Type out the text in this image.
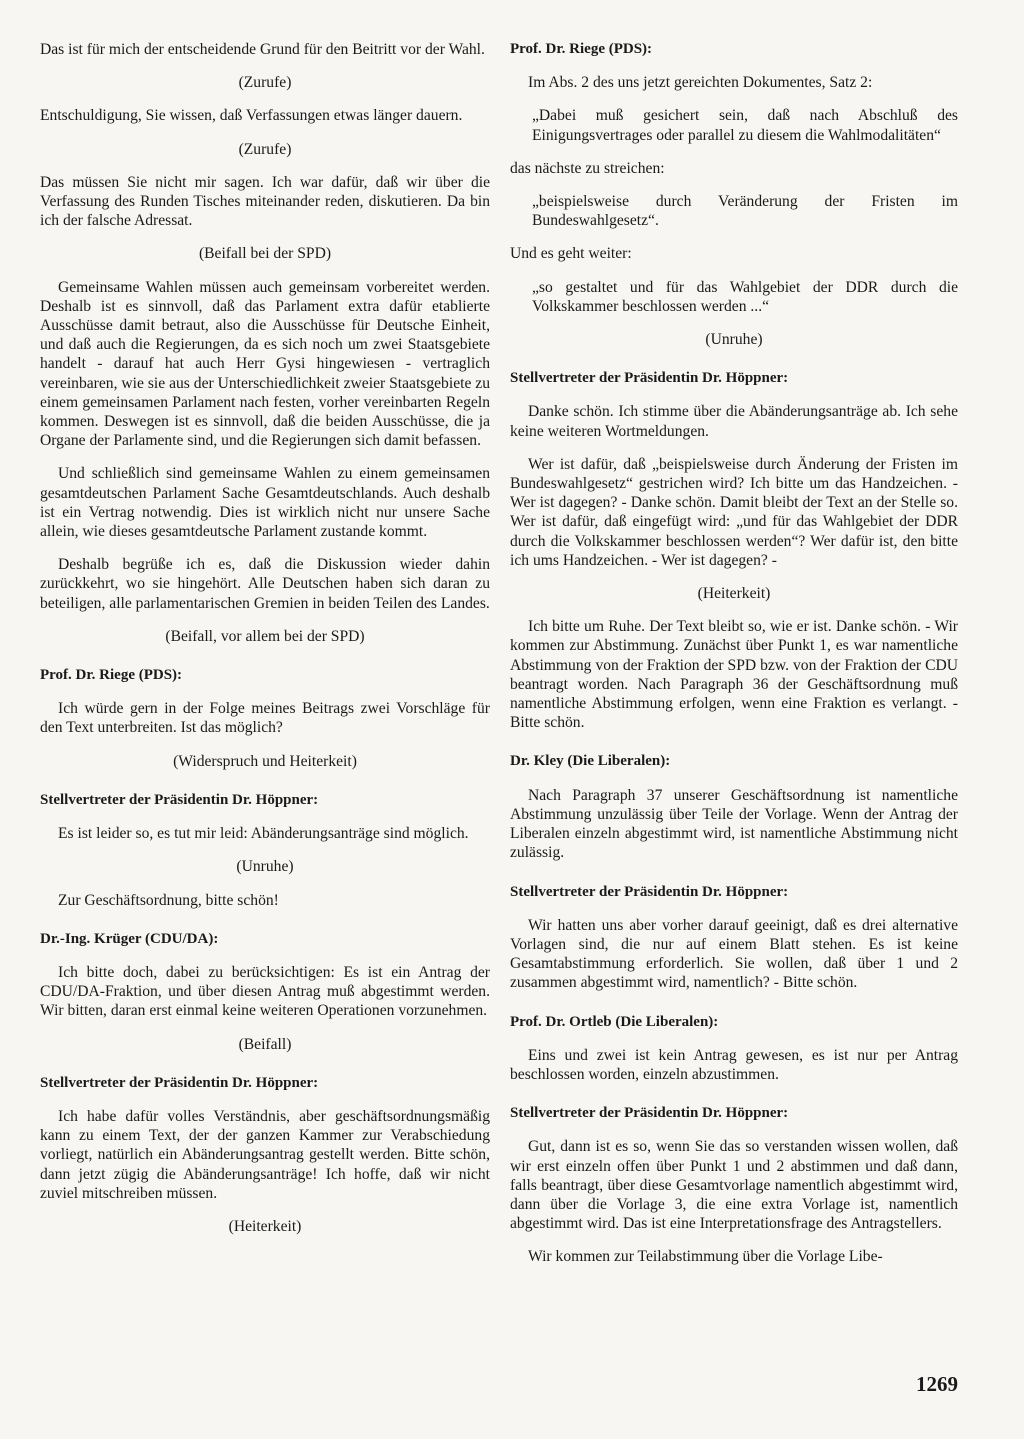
Das ist für mich der entscheidende Grund für den Beitritt vor der Wahl.

(Zurufe)

Entschuldigung, Sie wissen, daß Verfassungen etwas länger dauern.

(Zurufe)

Das müssen Sie nicht mir sagen. Ich war dafür, daß wir über die Verfassung des Runden Tisches miteinander reden, diskutieren. Da bin ich der falsche Adressat.

(Beifall bei der SPD)

Gemeinsame Wahlen müssen auch gemeinsam vorbereitet werden. Deshalb ist es sinnvoll, daß das Parlament extra dafür etablierte Ausschüsse damit betraut, also die Ausschüsse für Deutsche Einheit, und daß auch die Regierungen, da es sich noch um zwei Staatsgebiete handelt - darauf hat auch Herr Gysi hingewiesen - vertraglich vereinbaren, wie sie aus der Unterschiedlichkeit zweier Staatsgebiete zu einem gemeinsamen Parlament nach festen, vorher vereinbarten Regeln kommen. Deswegen ist es sinnvoll, daß die beiden Ausschüsse, die ja Organe der Parlamente sind, und die Regierungen sich damit befassen.

Und schließlich sind gemeinsame Wahlen zu einem gemeinsamen gesamtdeutschen Parlament Sache Gesamtdeutschlands. Auch deshalb ist ein Vertrag notwendig. Dies ist wirklich nicht nur unsere Sache allein, wie dieses gesamtdeutsche Parlament zustande kommt.

Deshalb begrüße ich es, daß die Diskussion wieder dahin zurückkehrt, wo sie hingehört. Alle Deutschen haben sich daran zu beteiligen, alle parlamentarischen Gremien in beiden Teilen des Landes.

(Beifall, vor allem bei der SPD)

Prof. Dr. Riege (PDS):

Ich würde gern in der Folge meines Beitrags zwei Vorschläge für den Text unterbreiten. Ist das möglich?

(Widerspruch und Heiterkeit)

Stellvertreter der Präsidentin Dr. Höppner:

Es ist leider so, es tut mir leid: Abänderungsanträge sind möglich.

(Unruhe)

Zur Geschäftsordnung, bitte schön!

Dr.-Ing. Krüger (CDU/DA):

Ich bitte doch, dabei zu berücksichtigen: Es ist ein Antrag der CDU/DA-Fraktion, und über diesen Antrag muß abgestimmt werden. Wir bitten, daran erst einmal keine weiteren Operationen vorzunehmen.

(Beifall)

Stellvertreter der Präsidentin Dr. Höppner:

Ich habe dafür volles Verständnis, aber geschäftsordnungsmäßig kann zu einem Text, der der ganzen Kammer zur Verabschiedung vorliegt, natürlich ein Abänderungsantrag gestellt werden. Bitte schön, dann jetzt zügig die Abänderungsanträge! Ich hoffe, daß wir nicht zuviel mitschreiben müssen.

(Heiterkeit)

Prof. Dr. Riege (PDS):

Im Abs. 2 des uns jetzt gereichten Dokumentes, Satz 2:

„Dabei muß gesichert sein, daß nach Abschluß des Einigungsvertrages oder parallel zu diesem die Wahlmodalitäten“

das nächste zu streichen:

„beispielsweise durch Veränderung der Fristen im Bundeswahlgesetz“.

Und es geht weiter:

„so gestaltet und für das Wahlgebiet der DDR durch die Volkskammer beschlossen werden ...“

(Unruhe)

Stellvertreter der Präsidentin Dr. Höppner:

Danke schön. Ich stimme über die Abänderungsanträge ab. Ich sehe keine weiteren Wortmeldungen.

Wer ist dafür, daß „beispielsweise durch Änderung der Fristen im Bundeswahlgesetz“ gestrichen wird? Ich bitte um das Handzeichen. - Wer ist dagegen? - Danke schön. Damit bleibt der Text an der Stelle so. Wer ist dafür, daß eingefügt wird: „und für das Wahlgebiet der DDR durch die Volkskammer beschlossen werden“? Wer dafür ist, den bitte ich ums Handzeichen. - Wer ist dagegen? -

(Heiterkeit)

Ich bitte um Ruhe. Der Text bleibt so, wie er ist. Danke schön. - Wir kommen zur Abstimmung. Zunächst über Punkt 1, es war namentliche Abstimmung von der Fraktion der SPD bzw. von der Fraktion der CDU beantragt worden. Nach Paragraph 36 der Geschäftsordnung muß namentliche Abstimmung erfolgen, wenn eine Fraktion es verlangt. - Bitte schön.

Dr. Kley (Die Liberalen):

Nach Paragraph 37 unserer Geschäftsordnung ist namentliche Abstimmung unzulässig über Teile der Vorlage. Wenn der Antrag der Liberalen einzeln abgestimmt wird, ist namentliche Abstimmung nicht zulässig.

Stellvertreter der Präsidentin Dr. Höppner:

Wir hatten uns aber vorher darauf geeinigt, daß es drei alternative Vorlagen sind, die nur auf einem Blatt stehen. Es ist keine Gesamtabstimmung erforderlich. Sie wollen, daß über 1 und 2 zusammen abgestimmt wird, namentlich? - Bitte schön.

Prof. Dr. Ortleb (Die Liberalen):

Eins und zwei ist kein Antrag gewesen, es ist nur per Antrag beschlossen worden, einzeln abzustimmen.

Stellvertreter der Präsidentin Dr. Höppner:

Gut, dann ist es so, wenn Sie das so verstanden wissen wollen, daß wir erst einzeln offen über Punkt 1 und 2 abstimmen und daß dann, falls beantragt, über diese Gesamtvorlage namentlich abgestimmt wird, dann über die Vorlage 3, die eine extra Vorlage ist, namentlich abgestimmt wird. Das ist eine Interpretationsfrage des Antragstellers.

Wir kommen zur Teilabstimmung über die Vorlage Libe-

1269
